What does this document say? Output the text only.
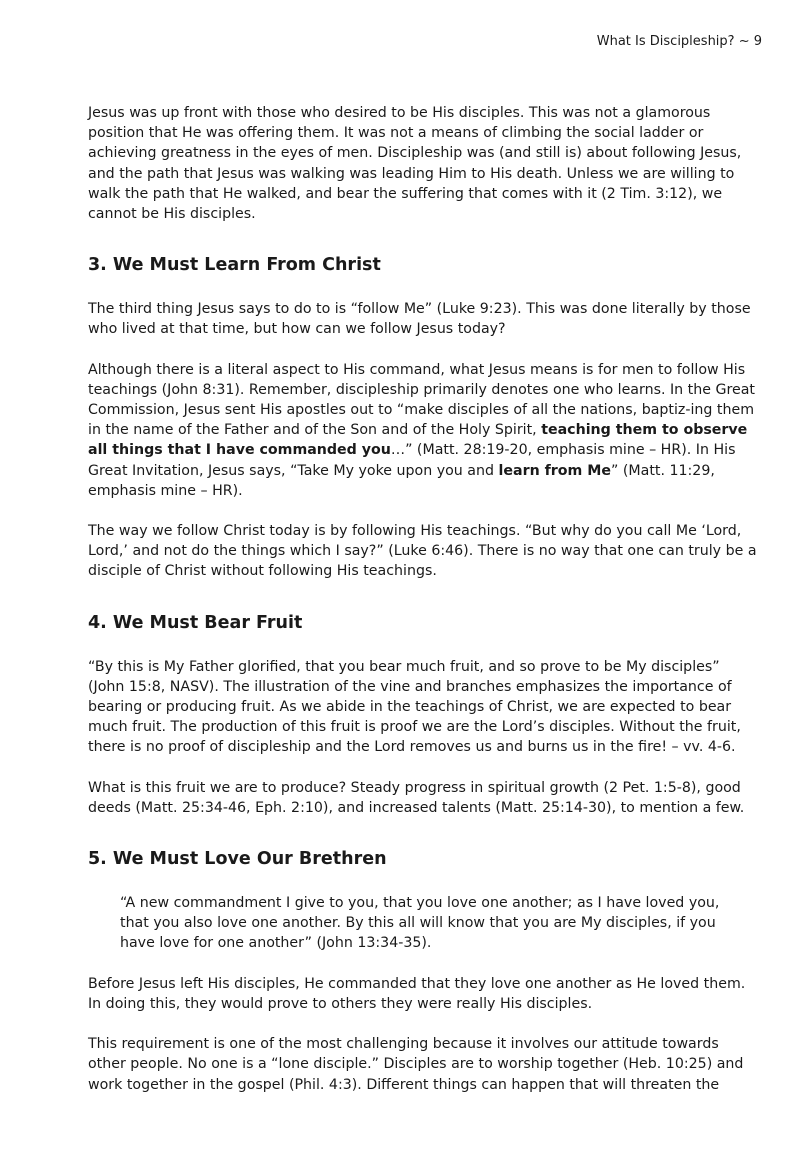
What Is Discipleship? ~ 9

Jesus was up front with those who desired to be His disciples. This was not a glamorous position that He was offering them. It was not a means of climbing the social ladder or achieving greatness in the eyes of men. Discipleship was (and still is) about following Jesus, and the path that Jesus was walking was leading Him to His death. Unless we are willing to walk the path that He walked, and bear the suffering that comes with it (2 Tim. 3:12), we cannot be His disciples.

3. We Must Learn From Christ

The third thing Jesus says to do to is “follow Me” (Luke 9:23). This was done literally by those who lived at that time, but how can we follow Jesus today?

Although there is a literal aspect to His command, what Jesus means is for men to follow His teachings (John 8:31). Remember, discipleship primarily denotes one who learns. In the Great Commission, Jesus sent His apostles out to “make disciples of all the nations, baptiz-ing them in the name of the Father and of the Son and of the Holy Spirit, teaching them to observe all things that I have commanded you…” (Matt. 28:19-20, emphasis mine – HR). In His Great Invitation, Jesus says, “Take My yoke upon you and learn from Me” (Matt. 11:29, emphasis mine – HR).

The way we follow Christ today is by following His teachings. “But why do you call Me ‘Lord, Lord,’ and not do the things which I say?” (Luke 6:46). There is no way that one can truly be a disciple of Christ without following His teachings.

4. We Must Bear Fruit

“By this is My Father glorified, that you bear much fruit, and so prove to be My disciples” (John 15:8, NASV). The illustration of the vine and branches emphasizes the importance of bearing or producing fruit. As we abide in the teachings of Christ, we are expected to bear much fruit. The production of this fruit is proof we are the Lord’s disciples. Without the fruit, there is no proof of discipleship and the Lord removes us and burns us in the fire! – vv. 4-6.

What is this fruit we are to produce? Steady progress in spiritual growth (2 Pet. 1:5-8), good deeds (Matt. 25:34-46, Eph. 2:10), and increased talents (Matt. 25:14-30), to mention a few.

5. We Must Love Our Brethren

“A new commandment I give to you, that you love one another; as I have loved you, that you also love one another. By this all will know that you are My disciples, if you have love for one another” (John 13:34-35).

Before Jesus left His disciples, He commanded that they love one another as He loved them. In doing this, they would prove to others they were really His disciples.

This requirement is one of the most challenging because it involves our attitude towards other people. No one is a “lone disciple.” Disciples are to worship together (Heb. 10:25) and work together in the gospel (Phil. 4:3). Different things can happen that will threaten the
